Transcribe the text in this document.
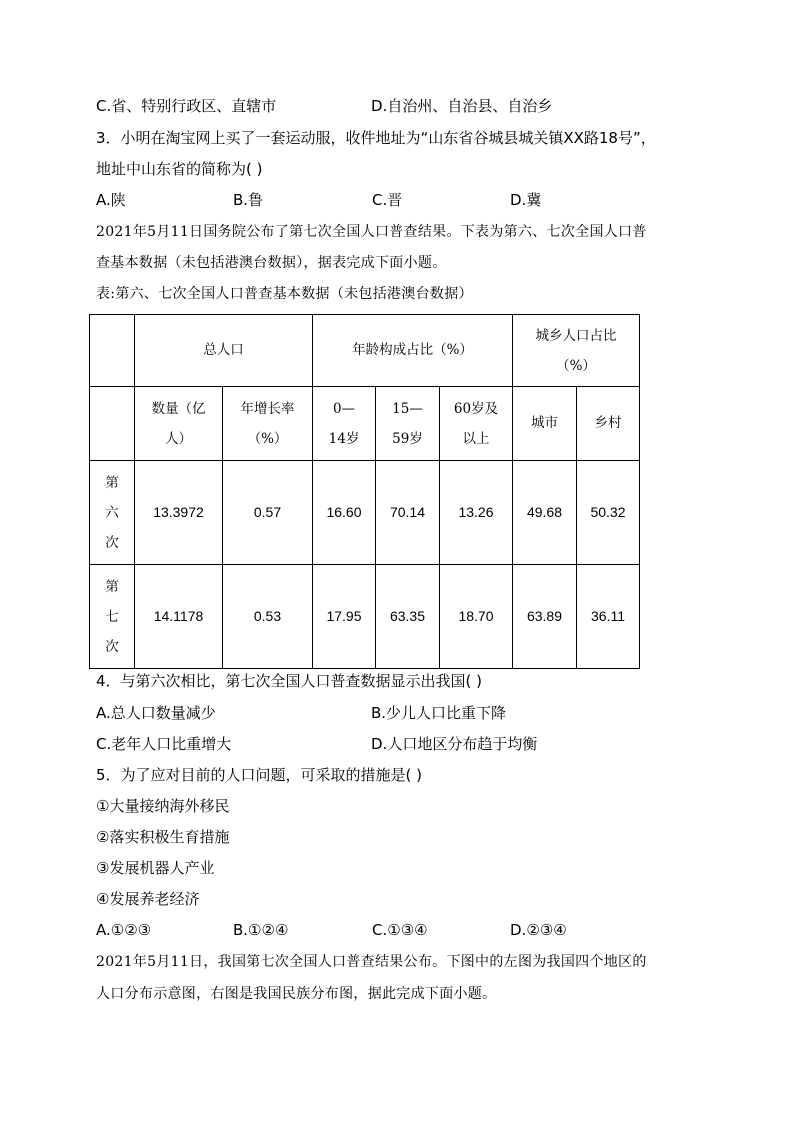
C.省、特别行政区、直辖市	D.自治州、自治县、自治乡
3．小明在淘宝网上买了一套运动服，收件地址为“山东省谷城县城关镇XX路18号”，
地址中山东省的简称为( )
A.陕	B.鲁	C.晋	D.冀
2021年5月11日国务院公布了第七次全国人口普查结果。下表为第六、七次全国人口普
查基本数据（未包括港澳台数据），据表完成下面小题。
表:第六、七次全国人口普查基本数据（未包括港澳台数据）
	总人口		年龄构成占比（%）			城乡人口占比
（%）	

	数量（亿
人）	年增长率
（%）	0—
14岁	15—
59岁	60岁及
以上	城市	乡村

第
六
次	13.3972	0.57	16.60	70.14	13.26	49.68	50.32

第
七
次	14.1178	0.53	17.95	63.35	18.70	63.89	36.11
4．与第六次相比，第七次全国人口普查数据显示出我国( )
A.总人口数量减少	B.少儿人口比重下降
C.老年人口比重增大	D.人口地区分布趋于均衡
5．为了应对目前的人口问题，可采取的措施是( )
①大量接纳海外移民
②落实积极生育措施
③发展机器人产业
④发展养老经济
A.①②③	B.①②④	C.①③④	D.②③④
2021年5月11日，我国第七次全国人口普查结果公布。下图中的左图为我国四个地区的
人口分布示意图，右图是我国民族分布图，据此完成下面小题。
